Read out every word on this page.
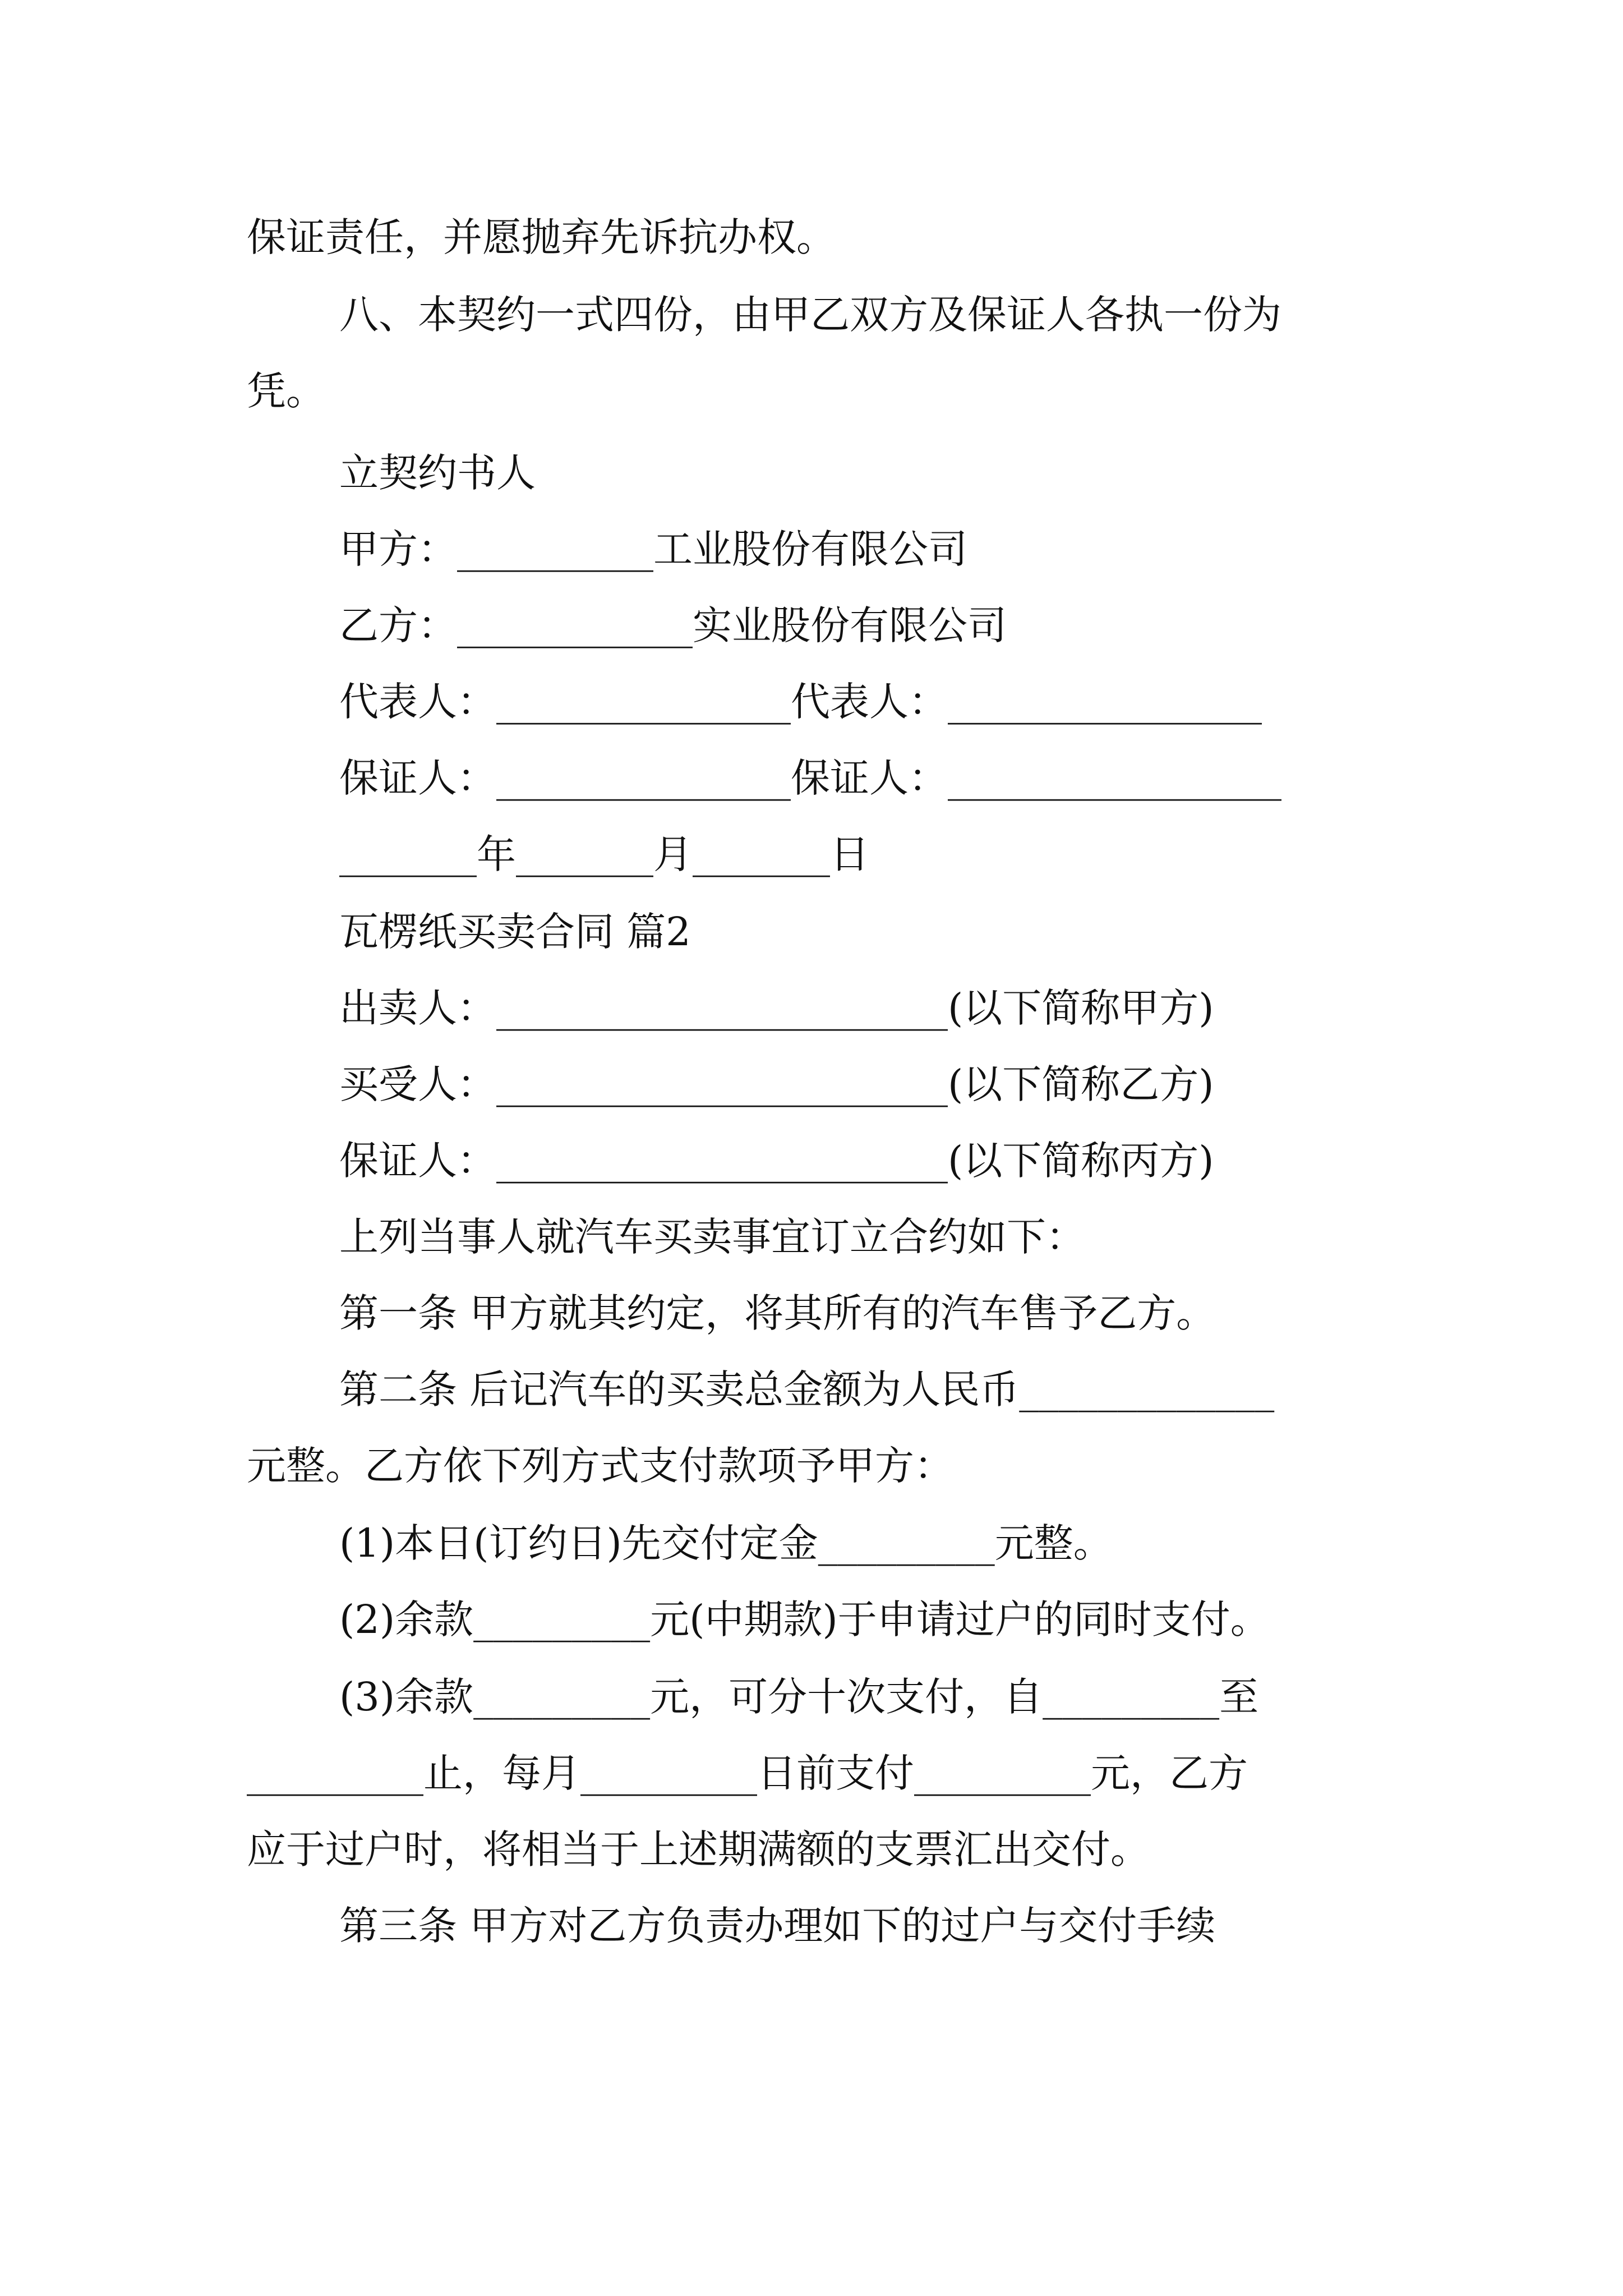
保证责任，并愿抛弃先诉抗办权。
八、本契约一式四份，由甲乙双方及保证人各执一份为
凭。
立契约书人
甲方：__________工业股份有限公司
乙方：____________实业股份有限公司
代表人：_______________代表人：________________
保证人：_______________保证人：_________________
_______年_______月_______日
瓦楞纸买卖合同 篇2
出卖人：_______________________(以下简称甲方)
买受人：_______________________(以下简称乙方)
保证人：_______________________(以下简称丙方)
上列当事人就汽车买卖事宜订立合约如下：
第一条 甲方就其约定，将其所有的汽车售予乙方。
第二条 后记汽车的买卖总金额为人民币_____________
元整。乙方依下列方式支付款项予甲方：
(1)本日(订约日)先交付定金_________元整。
(2)余款_________元(中期款)于申请过户的同时支付。
(3)余款_________元，可分十次支付，自_________至
_________止，每月_________日前支付_________元，乙方
应于过户时，将相当于上述期满额的支票汇出交付。
第三条 甲方对乙方负责办理如下的过户与交付手续
